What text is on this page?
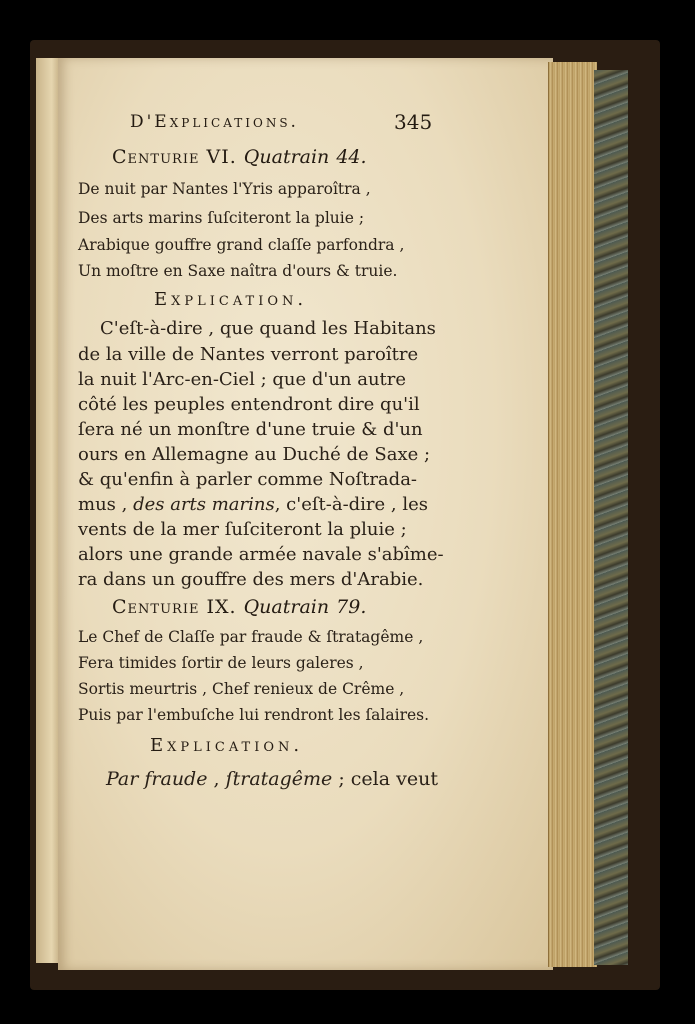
D'Explications.	345
Centurie VI. Quatrain 44.
De nuit par Nantes l'Yris apparoîtra ,
Des arts marins ſuſciteront la pluie ;
Arabique gouffre grand claſſe parfondra ,
Un moſtre en Saxe naîtra d'ours & truie.
Explication.
C'eſt-à-dire , que quand les Habitans
de la ville de Nantes verront paroître
la nuit l'Arc-en-Ciel ; que d'un autre
côté les peuples entendront dire qu'il
ſera né un monſtre d'une truie & d'un
ours en Allemagne au Duché de Saxe ;
& qu'enfin à parler comme Noſtrada-
mus , des arts marins, c'eſt-à-dire , les
vents de la mer ſuſciteront la pluie ;
alors une grande armée navale s'abîme-
ra dans un gouffre des mers d'Arabie.
Centurie IX. Quatrain 79.
Le Chef de Claſſe par fraude & ſtratagême ,
Fera timides ſortir de leurs galeres ,
Sortis meurtris , Chef renieux de Crême ,
Puis par l'embuſche lui rendront les ſalaires.
Explication.
Par fraude , ſtratagême ; cela veut
